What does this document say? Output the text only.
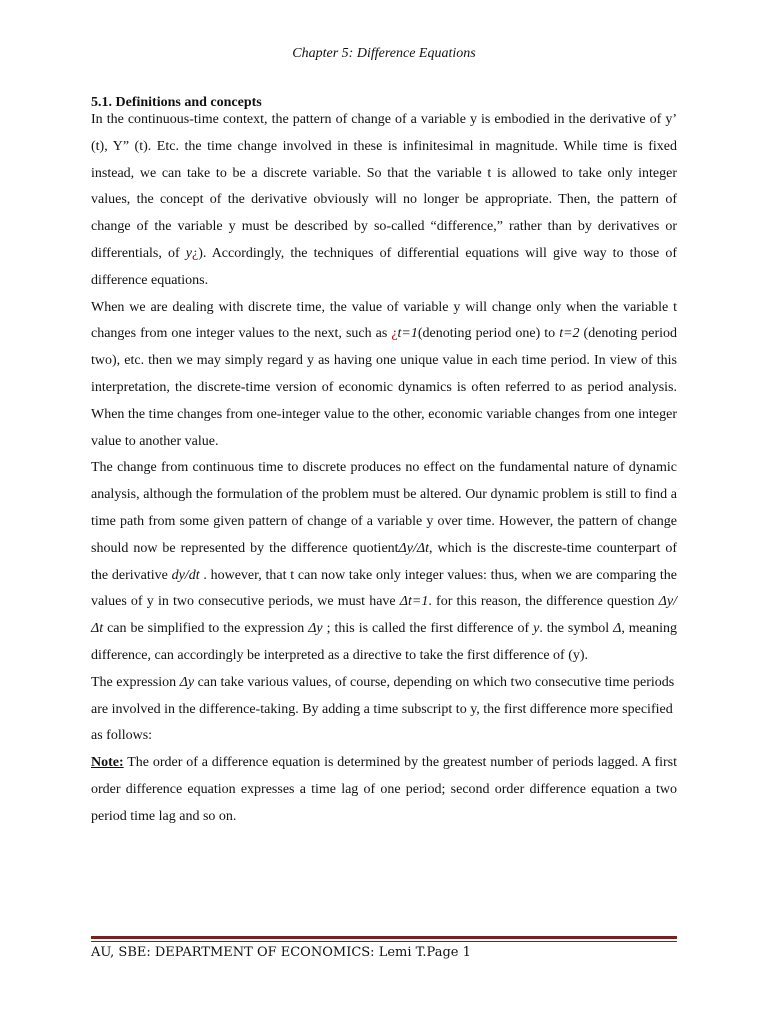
Chapter 5: Difference Equations
5.1. Definitions and concepts

In the continuous-time context, the pattern of change of a variable y is embodied in the derivative of y’ (t), Y” (t). Etc. the time change involved in these is infinitesimal in magnitude. While time is fixed instead, we can take to be a discrete variable. So that the variable t is allowed to take only integer values, the concept of the derivative obviously will no longer be appropriate. Then, the pattern of change of the variable y must be described by so-called “difference,” rather than by derivatives or differentials, of y¿). Accordingly, the techniques of differential equations will give way to those of difference equations.

When we are dealing with discrete time, the value of variable y will change only when the variable t changes from one integer values to the next, such as ¿t=1(denoting period one) to t=2 (denoting period two), etc. then we may simply regard y as having one unique value in each time period. In view of this interpretation, the discrete-time version of economic dynamics is often referred to as period analysis. When the time changes from one-integer value to the other, economic variable changes from one integer value to another value.

The change from continuous time to discrete produces no effect on the fundamental nature of dynamic analysis, although the formulation of the problem must be altered. Our dynamic problem is still to find a time path from some given pattern of change of a variable y over time. However, the pattern of change should now be represented by the difference quotientΔy/Δt, which is the discreste-time counterpart of the derivative dy/dt . however, that t can now take only integer values: thus, when we are comparing the values of y in two consecutive periods, we must have Δt=1. for this reason, the difference question Δy/Δt can be simplified to the expression Δy ; this is called the first difference of y. the symbol Δ, meaning difference, can accordingly be interpreted as a directive to take the first difference of (y).

The expression Δy can take various values, of course, depending on which two consecutive time periods are involved in the difference-taking. By adding a time subscript to y, the first difference more specified as follows:

Note: The order of a difference equation is determined by the greatest number of periods lagged. A first order difference equation expresses a time lag of one period; second order difference equation a two period time lag and so on.

AU, SBE: DEPARTMENT OF ECONOMICS: Lemi T.Page 1
